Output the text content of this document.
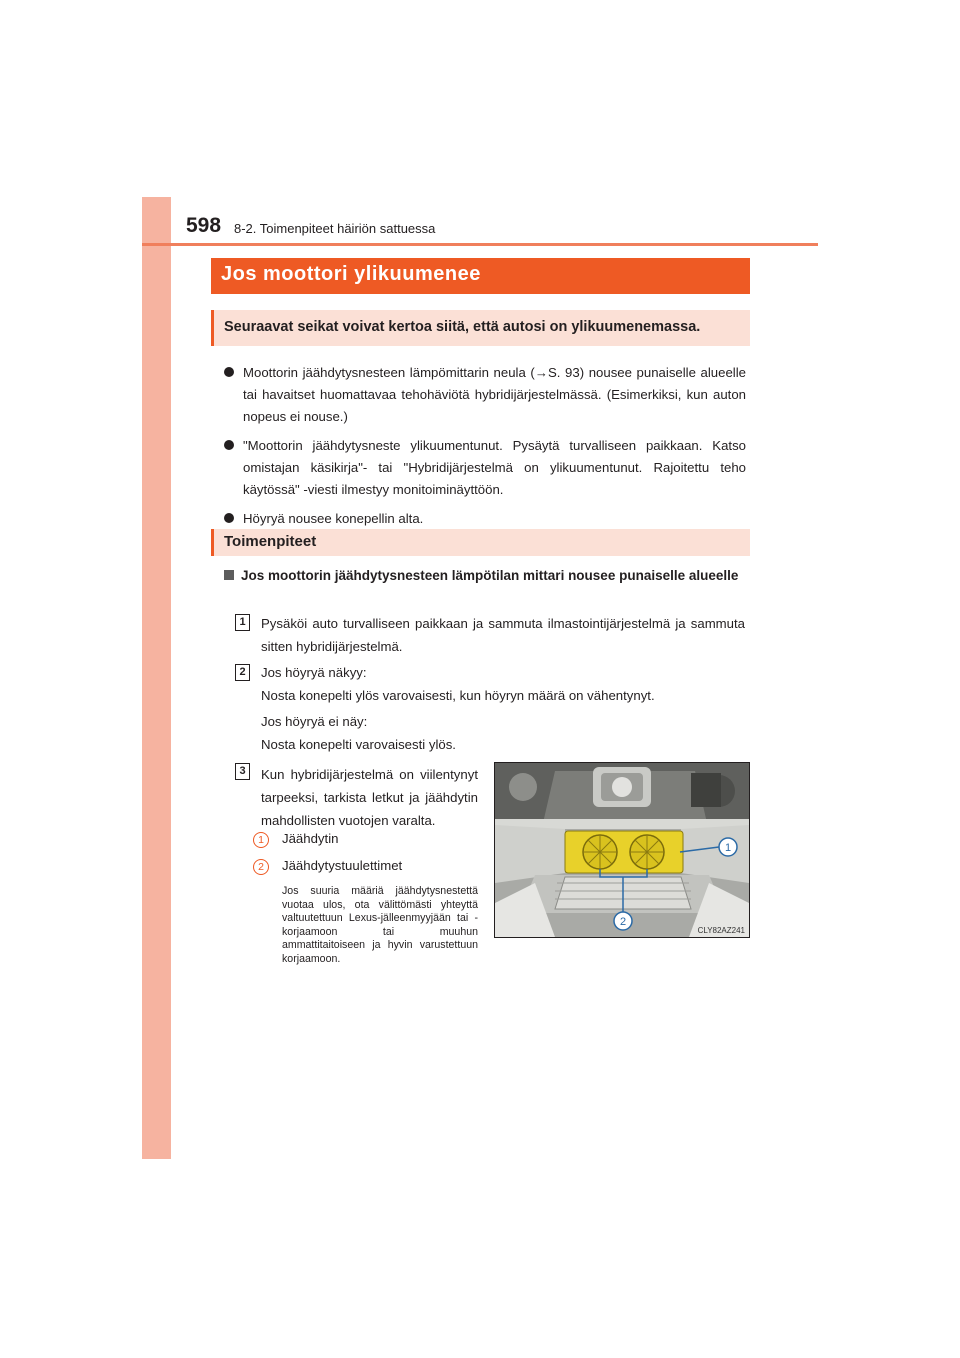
598 8-2. Toimenpiteet häiriön sattuessa
Jos moottori ylikuumenee
Seuraavat seikat voivat kertoa siitä, että autosi on ylikuumenemassa.
Moottorin jäähdytysnesteen lämpömittarin neula (→S. 93) nousee punaiselle alueelle tai havaitset huomattavaa tehohäviötä hybridijärjestelmässä. (Esimerkiksi, kun auton nopeus ei nouse.)
"Moottorin jäähdytysneste ylikuumentunut. Pysäytä turvalliseen paikkaan. Katso omistajan käsikirja"- tai "Hybridijärjestelmä on ylikuumentunut. Rajoitettu teho käytössä" -viesti ilmestyy monitoiminäyttöön.
Höyryä nousee konepellin alta.
Toimenpiteet
Jos moottorin jäähdytysnesteen lämpötilan mittari nousee punaiselle alueelle
1	Pysäköi auto turvalliseen paikkaan ja sammuta ilmastointijärjestelmä ja sammuta sitten hybridijärjestelmä.
2	Jos höyryä näkyy:
Nosta konepelti ylös varovaisesti, kun höyryn määrä on vähentynyt.
Jos höyryä ei näy:
Nosta konepelti varovaisesti ylös.
3	Kun hybridijärjestelmä on viilentynyt tarpeeksi, tarkista letkut ja jäähdytin mahdollisten vuotojen varalta.
1	Jäähdytin
2	Jäähdytystuulettimet
Jos suuria määriä jäähdytysnestettä vuotaa ulos, ota välittömästi yhteyttä valtuutettuun Lexus-jälleenmyyjään tai -korjaamoon tai muuhun ammattitaitoiseen ja hyvin varustettuun korjaamoon.
1
2
CLY82AZ241
